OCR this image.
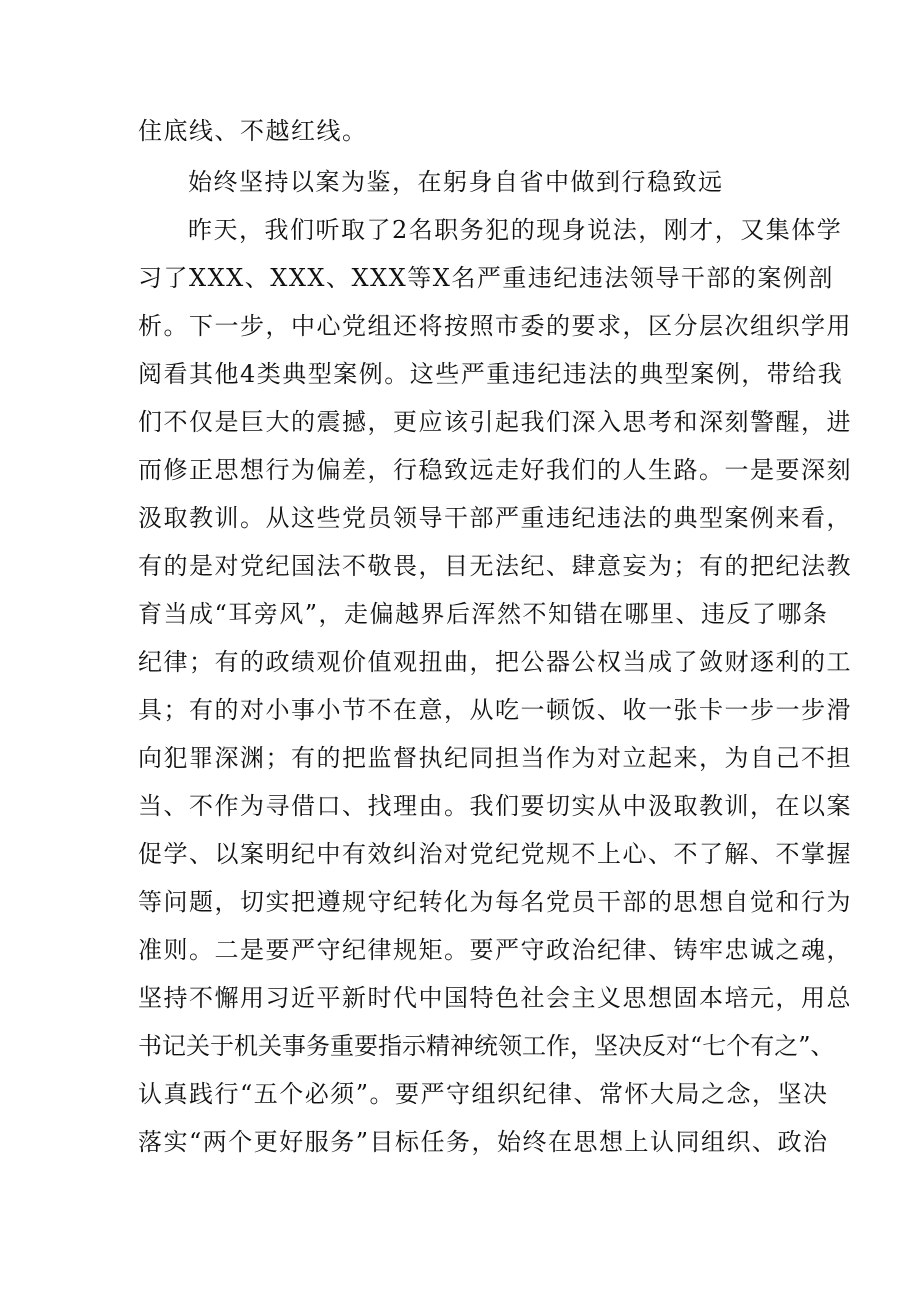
住底线、不越红线。
始终坚持以案为鉴，在躬身自省中做到行稳致远
昨天，我们听取了2名职务犯的现身说法，刚才，又集体学
习了XXX、XXX、XXX等X名严重违纪违法领导干部的案例剖
析。下一步，中心党组还将按照市委的要求，区分层次组织学用
阅看其他4类典型案例。这些严重违纪违法的典型案例，带给我
们不仅是巨大的震撼，更应该引起我们深入思考和深刻警醒，进
而修正思想行为偏差，行稳致远走好我们的人生路。一是要深刻
汲取教训。从这些党员领导干部严重违纪违法的典型案例来看，
有的是对党纪国法不敬畏，目无法纪、肆意妄为；有的把纪法教
育当成“耳旁风”，走偏越界后浑然不知错在哪里、违反了哪条
纪律；有的政绩观价值观扭曲，把公器公权当成了敛财逐利的工
具；有的对小事小节不在意，从吃一顿饭、收一张卡一步一步滑
向犯罪深渊；有的把监督执纪同担当作为对立起来，为自己不担
当、不作为寻借口、找理由。我们要切实从中汲取教训，在以案
促学、以案明纪中有效纠治对党纪党规不上心、不了解、不掌握
等问题，切实把遵规守纪转化为每名党员干部的思想自觉和行为
准则。二是要严守纪律规矩。要严守政治纪律、铸牢忠诚之魂，
坚持不懈用习近平新时代中国特色社会主义思想固本培元，用总
书记关于机关事务重要指示精神统领工作，坚决反对“七个有之”、
认真践行“五个必须”。要严守组织纪律、常怀大局之念，坚决
落实“两个更好服务”目标任务，始终在思想上认同组织、政治
